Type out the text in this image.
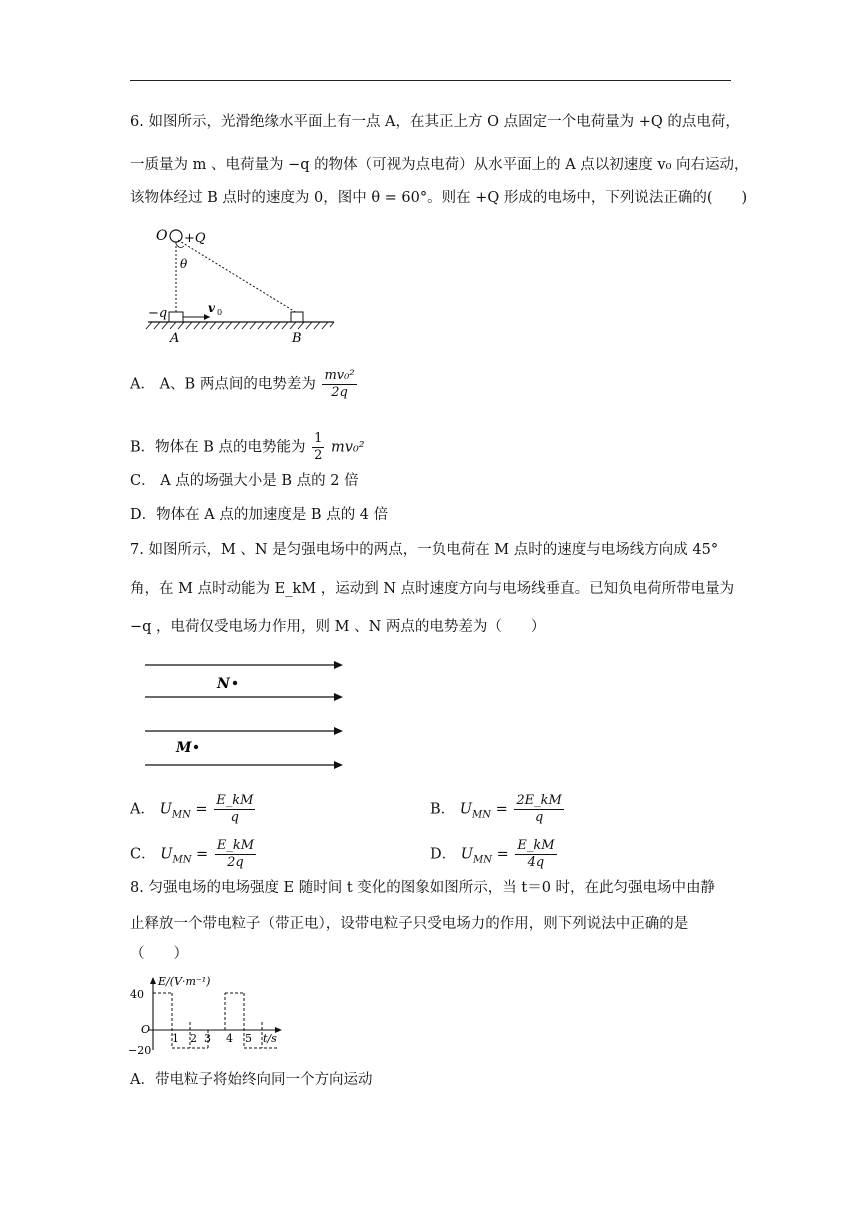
6. 如图所示，光滑绝缘水平面上有一点 A，在其正上方 O 点固定一个电荷量为 +Q 的点电荷，
一质量为 m 、电荷量为 −q 的物体（可视为点电荷）从水平面上的 A 点以初速度 v₀ 向右运动，
该物体经过 B 点时的速度为 0，图中 θ = 60°。则在 +Q 形成的电场中，下列说法正确的(　　)
O +Q
θ
v 0
−q
A	B
A． A、B 两点间的电势差为 $\frac{\text{mv₀²}}{2q}$
B．物体在 B 点的电势能为 $\frac{1}{2} mv_0^2$
C． A 点的场强大小是 B 点的 2 倍
D．物体在 A 点的加速度是 B 点的 4 倍
7. 如图所示，M 、N 是匀强电场中的两点，一负电荷在 M 点时的速度与电场线方向成 45°
角，在 M 点时动能为 E_kM ，运动到 N 点时速度方向与电场线垂直。已知负电荷所带电量为
−q ，电荷仅受电场力作用，则 M 、N 两点的电势差为（　　）
N
M
A． $U_{MN} = \frac{E\_kM}{q}$	B． $U_{MN} = \frac{2E\_kM}{q}$
C． $U_{MN} = \frac{E\_kM}{2q}$	D． $U_{MN} = \frac{E\_kM}{4q}$
8. 匀强电场的电场强度 E 随时间 t 变化的图象如图所示，当 t＝0 时，在此匀强电场中由静
止释放一个带电粒子（带正电），设带电粒子只受电场力的作用，则下列说法中正确的是
（　　）
E/(V·m⁻¹)
40
O
−20
1 2 3 4 5 t/s
A．带电粒子将始终向同一个方向运动
